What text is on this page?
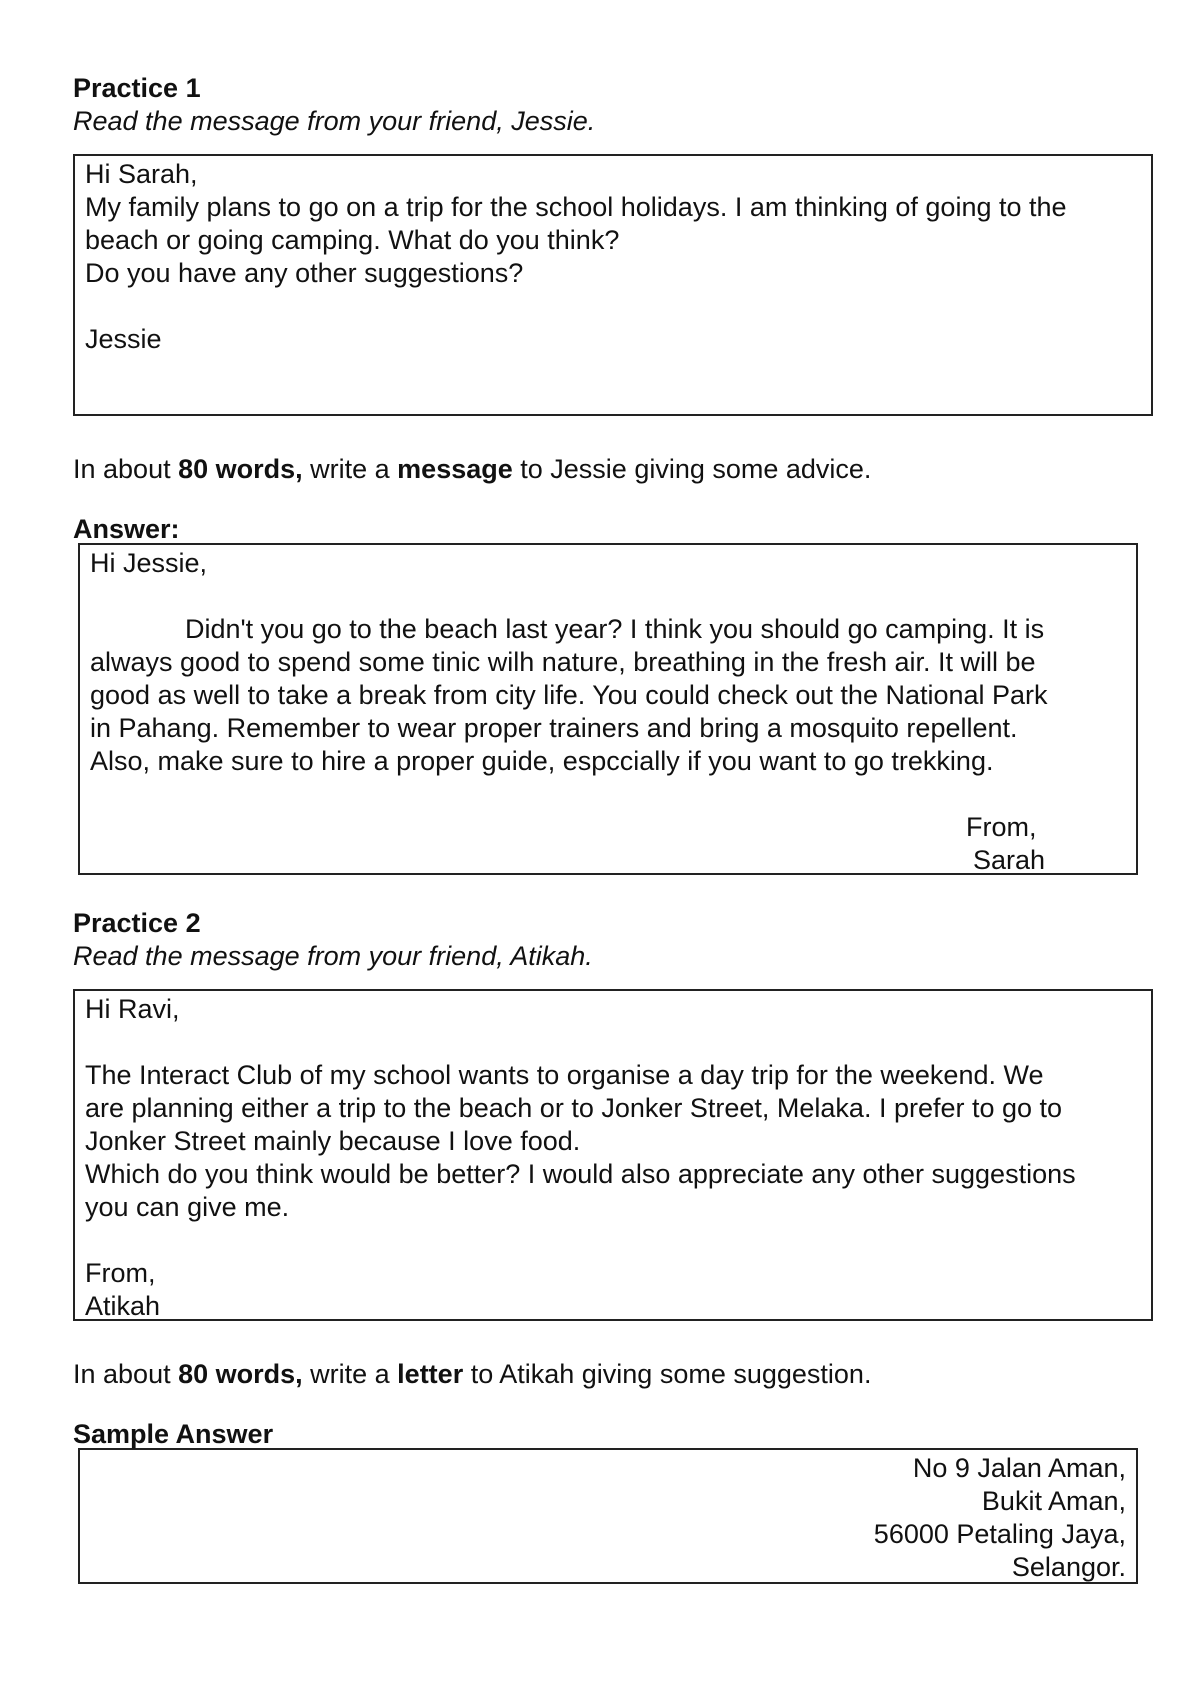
Practice 1

Read the message from your friend, Jessie.

Hi Sarah,

My family plans to go on a trip for the school holidays. I am thinking of going to the

beach or going camping. What do you think?

Do you have any other suggestions?

Jessie

In about 80 words, write a message to Jessie giving some advice.

Answer:

Hi Jessie,

Didn't you go to the beach last year? I think you should go camping. It is

always good to spend some tinic wilh nature, breathing in the fresh air. It will be

good as well to take a break from city life. You could check out the National Park

in Pahang. Remember to wear proper trainers and bring a mosquito repellent.

Also, make sure to hire a proper guide, espccially if you want to go trekking.

From,

Sarah

Practice 2

Read the message from your friend, Atikah.

Hi Ravi,

The Interact Club of my school wants to organise a day trip for the weekend. We

are planning either a trip to the beach or to Jonker Street, Melaka. I prefer to go to

Jonker Street mainly because I love food.

Which do you think would be better? I would also appreciate any other suggestions

you can give me.

From,

Atikah

In about 80 words, write a letter to Atikah giving some suggestion.

Sample Answer

No 9 Jalan Aman,

Bukit Aman,

56000 Petaling Jaya,

Selangor.
